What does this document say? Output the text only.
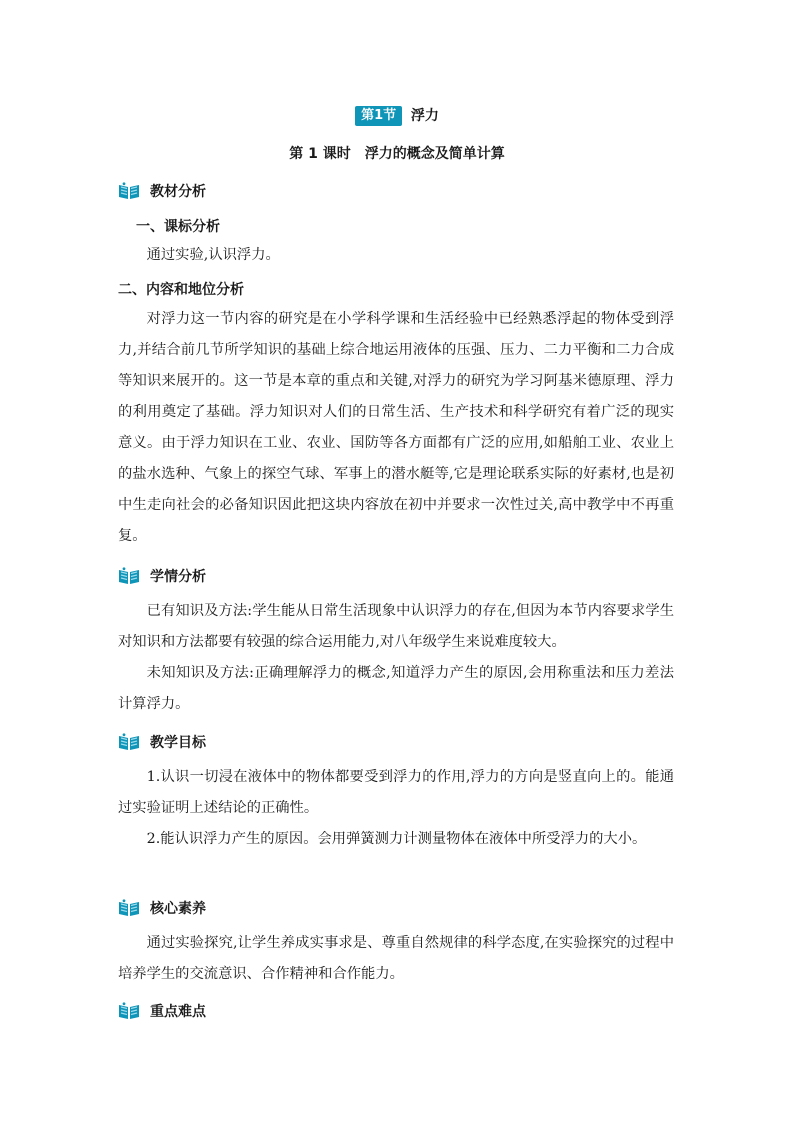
第1节 浮力
第 1 课时　浮力的概念及简单计算
教材分析
一、课标分析

通过实验,认识浮力。

二、内容和地位分析

对浮力这一节内容的研究是在小学科学课和生活经验中已经熟悉浮起的物体受到浮力,并结合前几节所学知识的基础上综合地运用液体的压强、压力、二力平衡和二力合成等知识来展开的。这一节是本章的重点和关键,对浮力的研究为学习阿基米德原理、浮力的利用奠定了基础。浮力知识对人们的日常生活、生产技术和科学研究有着广泛的现实意义。由于浮力知识在工业、农业、国防等各方面都有广泛的应用,如船舶工业、农业上的盐水选种、气象上的探空气球、军事上的潜水艇等,它是理论联系实际的好素材,也是初中生走向社会的必备知识因此把这块内容放在初中并要求一次性过关,高中教学中不再重复。

学情分析

已有知识及方法:学生能从日常生活现象中认识浮力的存在,但因为本节内容要求学生对知识和方法都要有较强的综合运用能力,对八年级学生来说难度较大。

未知知识及方法:正确理解浮力的概念,知道浮力产生的原因,会用称重法和压力差法计算浮力。

教学目标

1.认识一切浸在液体中的物体都要受到浮力的作用,浮力的方向是竖直向上的。能通过实验证明上述结论的正确性。

2.能认识浮力产生的原因。会用弹簧测力计测量物体在液体中所受浮力的大小。

核心素养

通过实验探究,让学生养成实事求是、尊重自然规律的科学态度,在实验探究的过程中培养学生的交流意识、合作精神和合作能力。

重点难点
